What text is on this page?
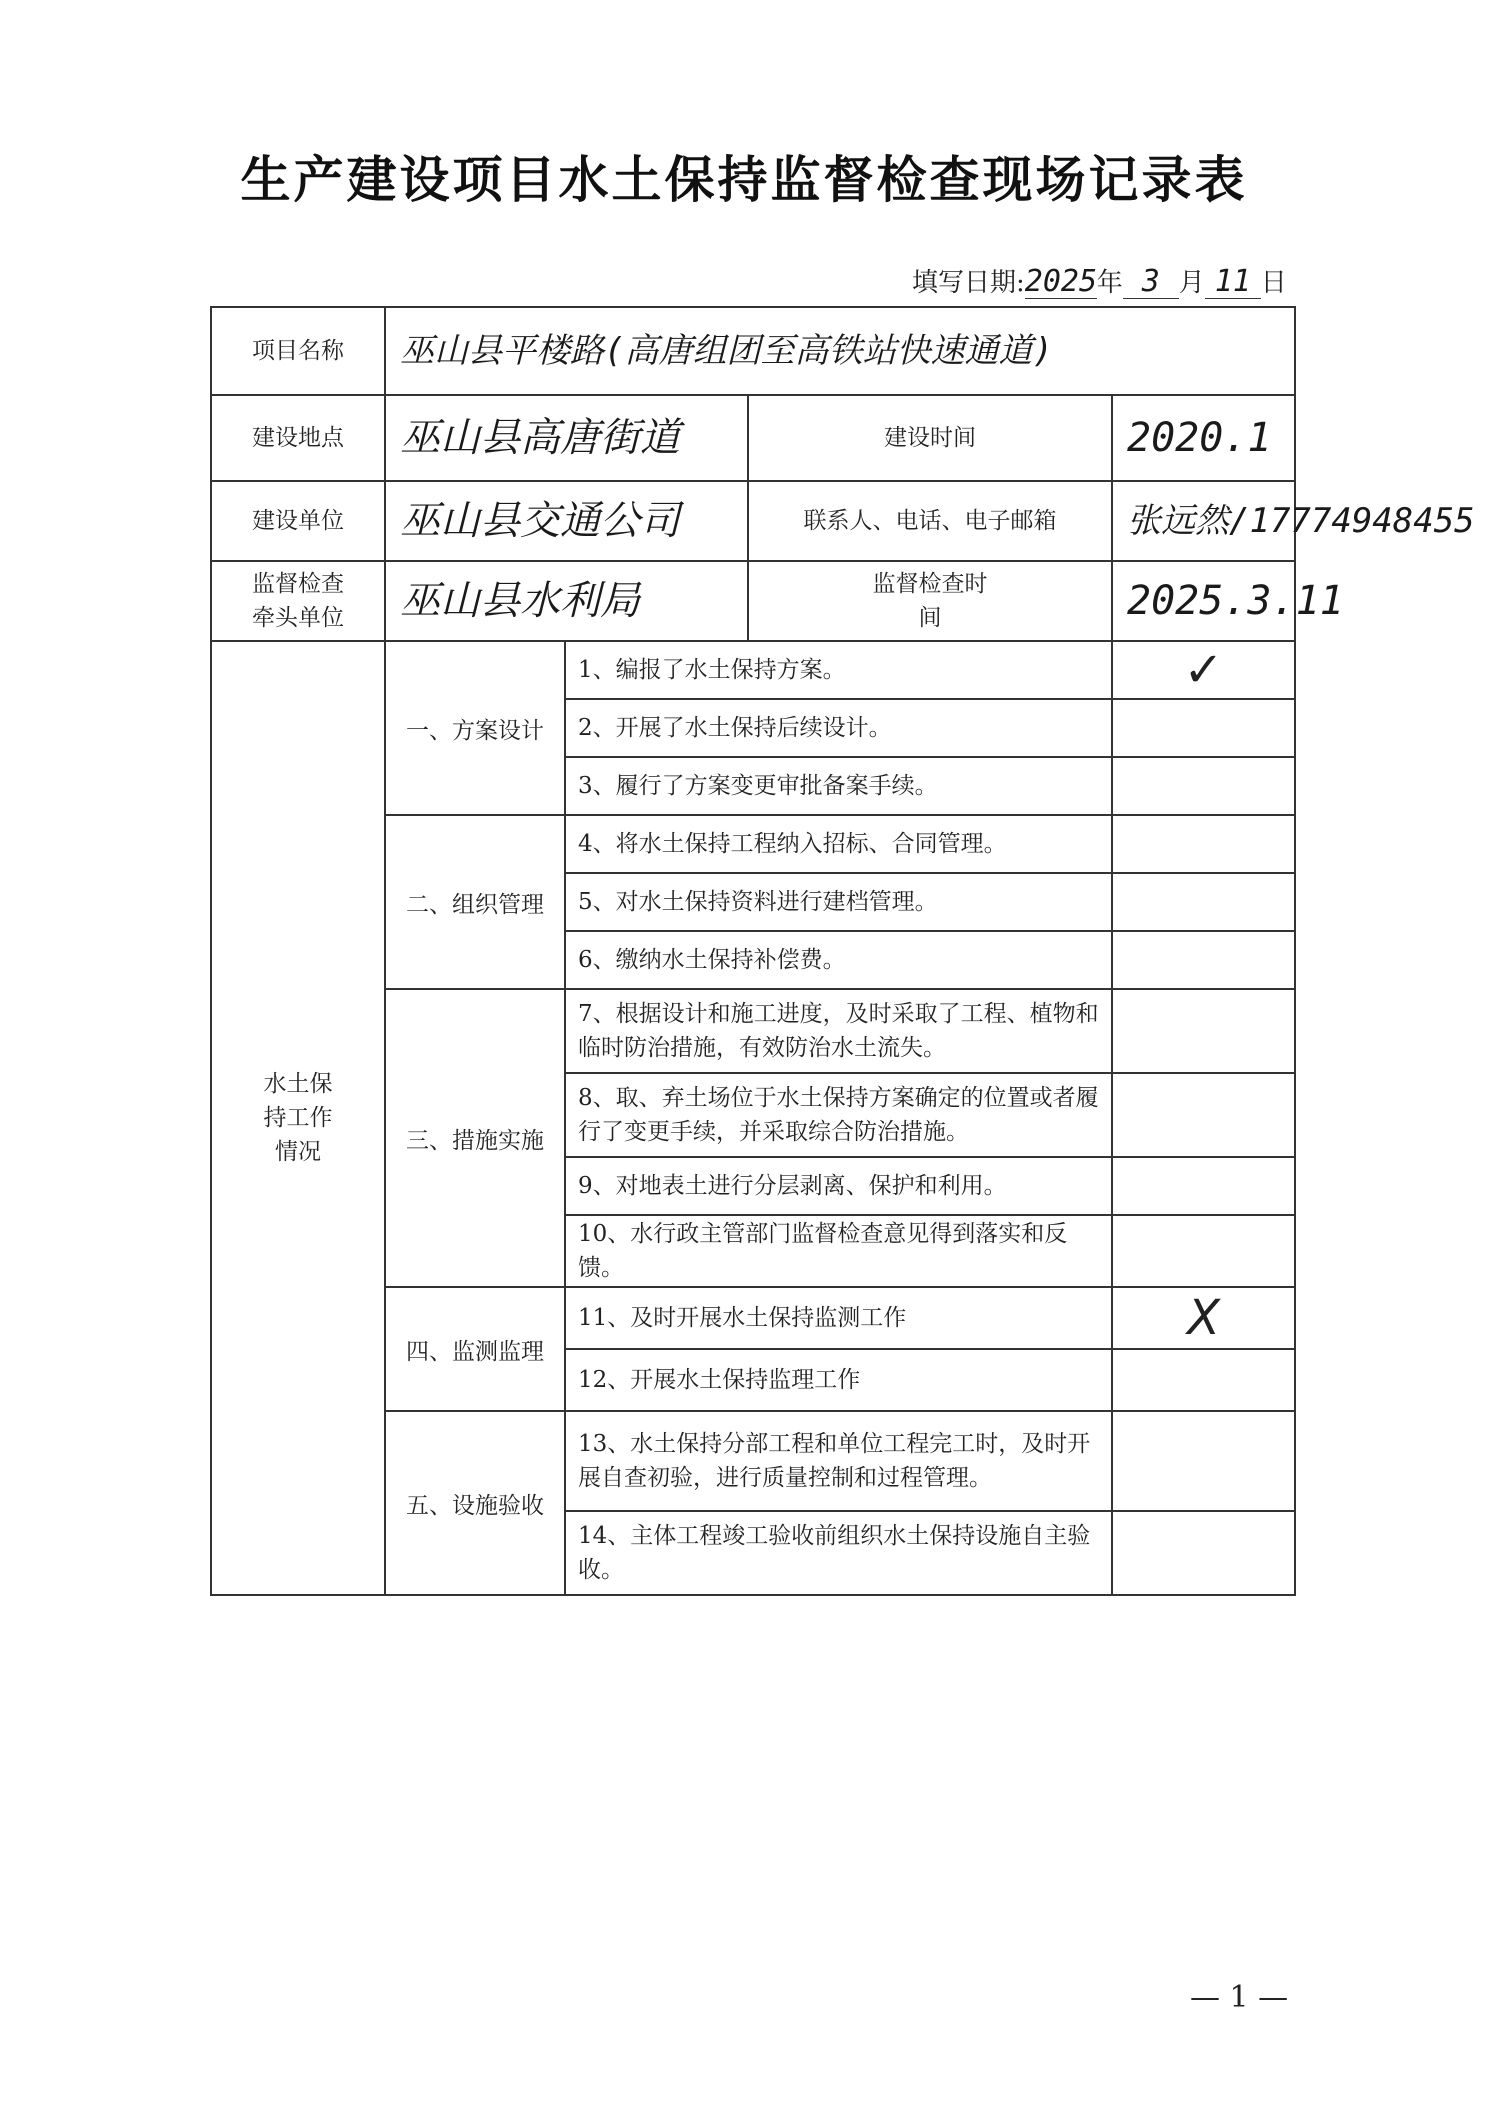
生产建设项目水土保持监督检查现场记录表
填写日期:2025年 3 月 11 日
项目名称	巫山县平楼路(高唐组团至高铁站快速通道)			
建设地点	巫山县高唐街道		建设时间	2020.1
建设单位	巫山县交通公司		联系人、电话、电子邮箱	张远然/17774948455
监督检查牵头单位	巫山县水利局		监督检查时间	2025.3.11
水土保持工作情况	一、方案设计	1、编报了水土保持方案。		✓
		2、开展了水土保持后续设计。		
		3、履行了方案变更审批备案手续。		
	二、组织管理	4、将水土保持工程纳入招标、合同管理。		
		5、对水土保持资料进行建档管理。		
		6、缴纳水土保持补偿费。		
	三、措施实施	7、根据设计和施工进度，及时采取了工程、植物和临时防治措施，有效防治水土流失。		
		8、取、弃土场位于水土保持方案确定的位置或者履行了变更手续，并采取综合防治措施。		
		9、对地表土进行分层剥离、保护和利用。		
		10、水行政主管部门监督检查意见得到落实和反馈。		
	四、监测监理	11、及时开展水土保持监测工作		X
		12、开展水土保持监理工作		
	五、设施验收	13、水土保持分部工程和单位工程完工时，及时开展自查初验，进行质量控制和过程管理。		
		14、主体工程竣工验收前组织水土保持设施自主验收。		
— 1 —
